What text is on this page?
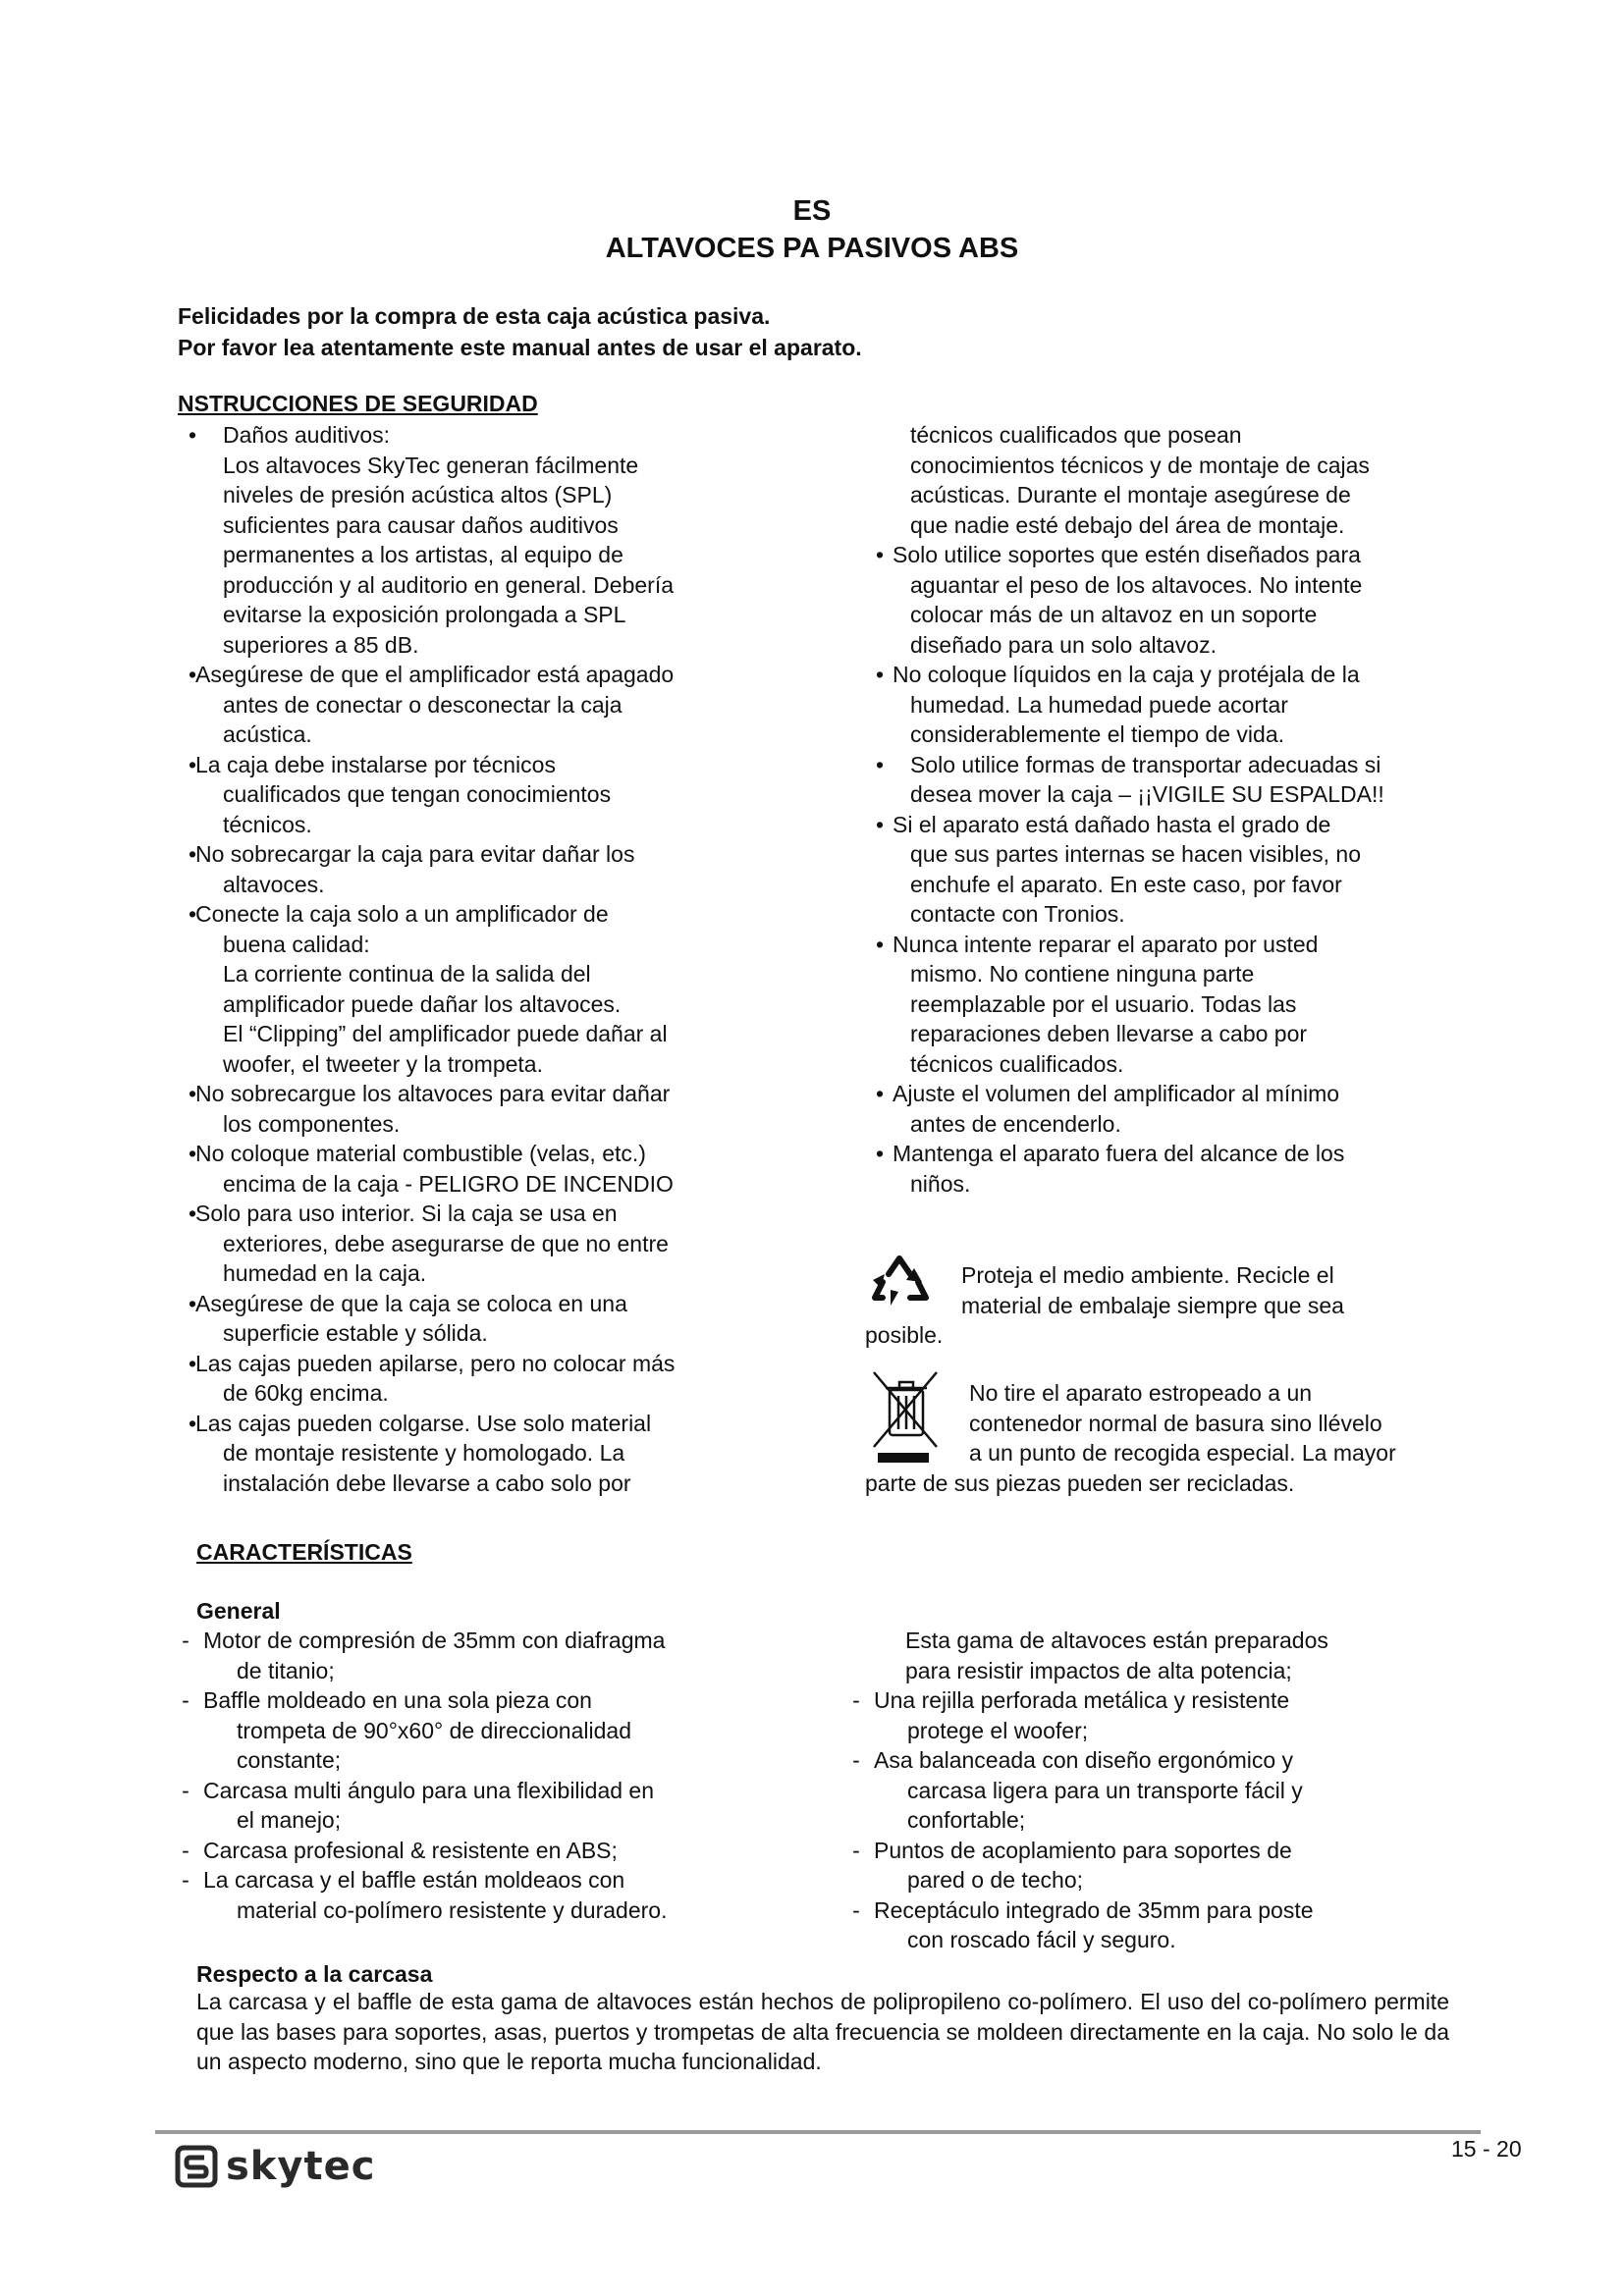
ES
ALTAVOCES PA PASIVOS ABS
Felicidades por la compra de esta caja acústica pasiva.
Por favor lea atentamente este manual antes de usar el aparato.
NSTRUCCIONES DE SEGURIDAD
•	Daños auditivos:
Los altavoces SkyTec generan fácilmente
niveles de presión acústica altos (SPL)
suficientes para causar daños auditivos
permanentes a los artistas, al equipo de
producción y al auditorio en general. Debería
evitarse la exposición prolongada a SPL
superiores a 85 dB.
•
Asegúrese de que el amplificador está apagado
antes de conectar o desconectar la caja
acústica.
•
La caja debe instalarse por técnicos
cualificados que tengan conocimientos
técnicos.
•
No sobrecargar la caja para evitar dañar los
altavoces.
•
Conecte la caja solo a un amplificador de
buena calidad:
La corriente continua de la salida del
amplificador puede dañar los altavoces.
El “Clipping” del amplificador puede dañar al
woofer, el tweeter y la trompeta.
•
No sobrecargue los altavoces para evitar dañar
los componentes.
•
No coloque material combustible (velas, etc.)
encima de la caja - PELIGRO DE INCENDIO
•
Solo para uso interior. Si la caja se usa en
exteriores, debe asegurarse de que no entre
humedad en la caja.
•
Asegúrese de que la caja se coloca en una
superficie estable y sólida.
•
Las cajas pueden apilarse, pero no colocar más
de 60kg encima.
•
Las cajas pueden colgarse. Use solo material
de montaje resistente y homologado. La
instalación debe llevarse a cabo solo por
técnicos cualificados que posean
conocimientos técnicos y de montaje de cajas
acústicas. Durante el montaje asegúrese de
que nadie esté debajo del área de montaje.
• Solo utilice soportes que estén diseñados para
aguantar el peso de los altavoces. No intente
colocar más de un altavoz en un soporte
diseñado para un solo altavoz.
• No coloque líquidos en la caja y protéjala de la
humedad. La humedad puede acortar
considerablemente el tiempo de vida.
•	Solo utilice formas de transportar adecuadas si
desea mover la caja – ¡¡VIGILE SU ESPALDA!!
• Si el aparato está dañado hasta el grado de
que sus partes internas se hacen visibles, no
enchufe el aparato. En este caso, por favor
contacte con Tronios.
• Nunca intente reparar el aparato por usted
mismo. No contiene ninguna parte
reemplazable por el usuario. Todas las
reparaciones deben llevarse a cabo por
técnicos cualificados.
• Ajuste el volumen del amplificador al mínimo
antes de encenderlo.
• Mantenga el aparato fuera del alcance de los
niños.
Proteja el medio ambiente. Recicle el
material de embalaje siempre que sea
posible.
No tire el aparato estropeado a un
contenedor normal de basura sino llévelo
a un punto de recogida especial. La mayor
parte de sus piezas pueden ser recicladas.
CARACTERÍSTICAS
General
- Motor de compresión de 35mm con diafragma
de titanio;
- Baffle moldeado en una sola pieza con
trompeta de 90°x60° de direccionalidad
constante;
- Carcasa multi ángulo para una flexibilidad en
el manejo;
- Carcasa profesional & resistente en ABS;
- La carcasa y el baffle están moldeaos con
material co-polímero resistente y duradero.
Esta gama de altavoces están preparados
para resistir impactos de alta potencia;
- Una rejilla perforada metálica y resistente
protege el woofer;
- Asa balanceada con diseño ergonómico y
carcasa ligera para un transporte fácil y
confortable;
- Puntos de acoplamiento para soportes de
pared o de techo;
- Receptáculo integrado de 35mm para poste
con roscado fácil y seguro.
Respecto a la carcasa
La carcasa y el baffle de esta gama de altavoces están hechos de polipropileno co-polímero. El uso del co-polímero permite que las bases para soportes, asas, puertos y trompetas de alta frecuencia se moldeen directamente en la caja. No solo le da un aspecto moderno, sino que le reporta mucha funcionalidad.
skytec	15 - 20
